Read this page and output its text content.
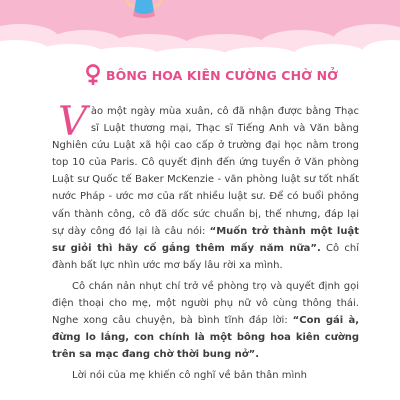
BÔNG HOA KIÊN CƯỜNG CHỜ NỞ

Vào một ngày mùa xuân, cô đã nhận được bằng Thạc sĩ Luật thương mại, Thạc sĩ Tiếng Anh và Văn bằng Nghiên cứu Luật xã hội cao cấp ở trường đại học nằm trong top 10 của Paris. Cô quyết định đến ứng tuyển ở Văn phòng Luật sư Quốc tế Baker McKenzie - văn phòng luật sư tốt nhất nước Pháp - ước mơ của rất nhiều luật sư. Để có buổi phỏng vấn thành công, cô đã dốc sức chuẩn bị, thế nhưng, đáp lại sự dày công đó lại là câu nói: “Muốn trở thành một luật sư giỏi thì hãy cố gắng thêm mấy năm nữa”. Cô chỉ đành bất lực nhìn ước mơ bấy lâu rời xa mình.

Cô chán nản nhụt chí trở về phòng trọ và quyết định gọi điện thoại cho mẹ, một người phụ nữ vô cùng thông thái. Nghe xong câu chuyện, bà bình tĩnh đáp lời: “Con gái à, đừng lo lắng, con chính là một bông hoa kiên cường trên sa mạc đang chờ thời bung nở”.

Lời nói của mẹ khiến cô nghĩ về bản thân mình
